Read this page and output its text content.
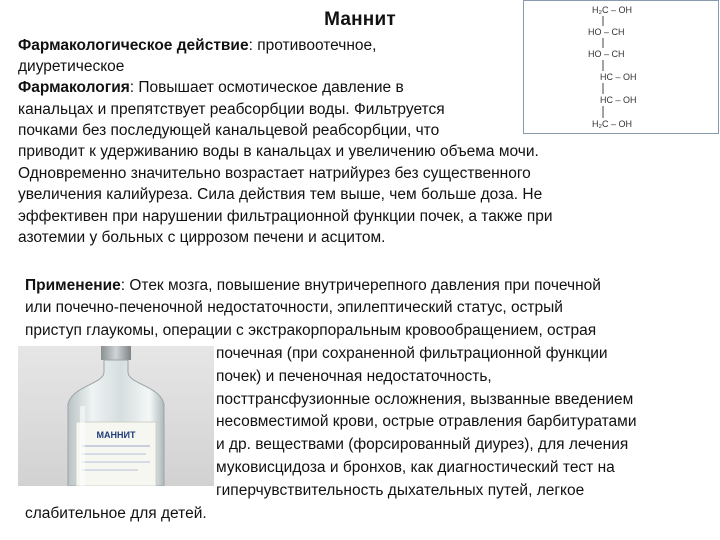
Маннит
Фармакологическое действие: противоотечное,
диуретическое
Фармакология: Повышает осмотическое давление в
канальцах и препятствует реабсорбции воды. Фильтруется
почками без последующей канальцевой реабсорбции, что
приводит к удерживанию воды в канальцах и увеличению объема мочи.
Одновременно значительно возрастает натрийурез без существенного
увеличения калийуреза. Сила действия тем выше, чем больше доза. Не
эффективен при нарушении фильтрационной функции почек, а также при
азотемии у больных с циррозом печени и асцитом.
Применение: Отек мозга, повышение внутричерепного давления при почечной
или почечно-печеночной недостаточности, эпилептический статус, острый
приступ глаукомы, операции с экстракорпоральным кровообращением, острая
почечная (при сохраненной фильтрационной функции
почек) и печеночная недостаточность,
посттрансфузионные осложнения, вызванные введением
несовместимой крови, острые отравления барбитуратами
и др. веществами (форсированный диурез), для лечения
муковисцидоза и бронхов, как диагностический тест на
гиперчувствительность дыхательных путей, легкое
слабительное для детей.
H₂C – OH
HO – CH
HO – CH
HC – OH
HC – OH
H₂C – OH
МАННИТ
